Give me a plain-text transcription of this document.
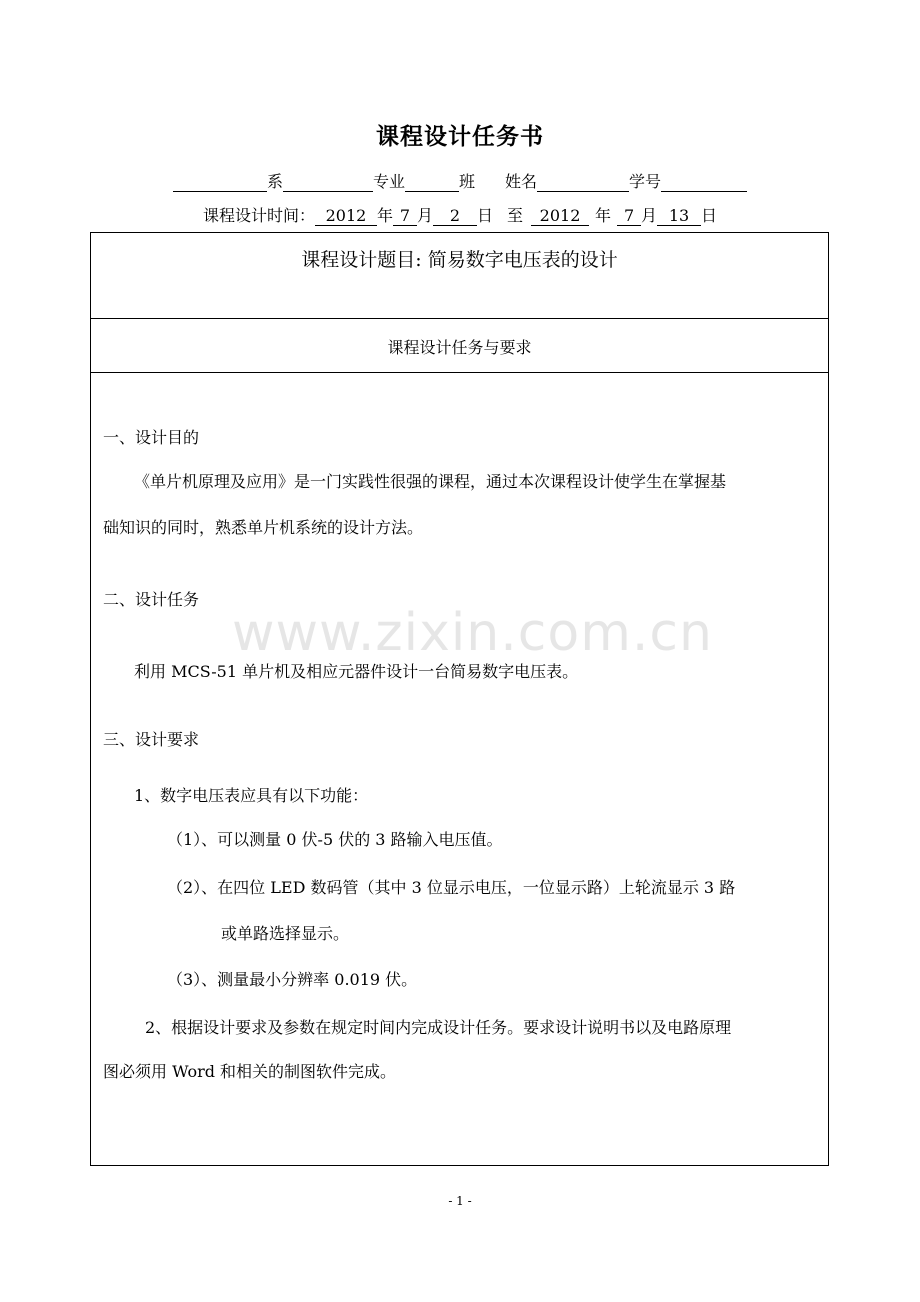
课程设计任务书
系	专业	班 姓名	学号
课程设计时间： 2012 年 7 月 2 日 至 2012 年 7 月 13 日
课程设计题目: 简易数字电压表的设计
课程设计任务与要求
一、设计目的
《单片机原理及应用》是一门实践性很强的课程，通过本次课程设计使学生在掌握基
础知识的同时，熟悉单片机系统的设计方法。
二、设计任务
利用 MCS-51 单片机及相应元器件设计一台简易数字电压表。
三、设计要求
1、数字电压表应具有以下功能：
（1）、可以测量 0 伏-5 伏的 3 路输入电压值。
（2）、在四位 LED 数码管（其中 3 位显示电压，一位显示路）上轮流显示 3 路
或单路选择显示。
（3）、测量最小分辨率 0.019 伏。
2、根据设计要求及参数在规定时间内完成设计任务。要求设计说明书以及电路原理
图必须用 Word 和相关的制图软件完成。
www.zixin.com.cn
- 1 -
